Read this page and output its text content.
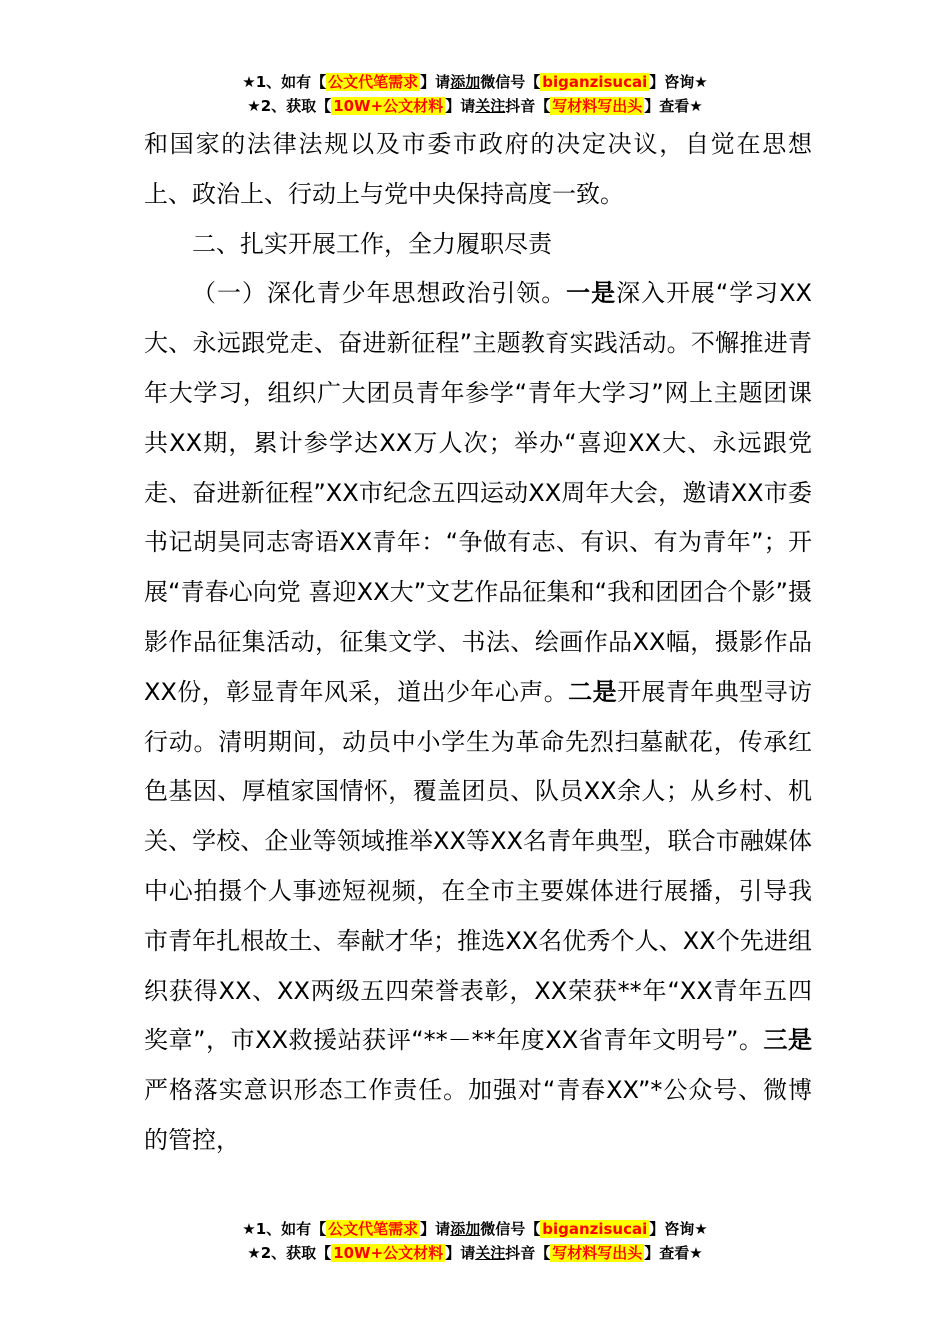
★1、如有【 公文代笔需求 】请添加微信号【 biganzisucai 】咨询★
★2、获取【 10W+公文材料 】请关注抖音【 写材料写出头 】查看★

和国家的法律法规以及市委市政府的决定决议，自觉在思想上、政治上、行动上与党中央保持高度一致。

二、扎实开展工作，全力履职尽责

（一）深化青少年思想政治引领。一是深入开展“学习XX大、永远跟党走、奋进新征程”主题教育实践活动。不懈推进青年大学习，组织广大团员青年参学“青年大学习”网上主题团课共XX期，累计参学达XX万人次；举办“喜迎XX大、永远跟党走、奋进新征程”XX市纪念五四运动XX周年大会，邀请XX市委书记胡昊同志寄语XX青年：“争做有志、有识、有为青年”；开展“青春心向党 喜迎XX大”文艺作品征集和“我和团团合个影”摄影作品征集活动，征集文学、书法、绘画作品XX幅，摄影作品XX份，彰显青年风采，道出少年心声。二是开展青年典型寻访行动。清明期间，动员中小学生为革命先烈扫墓献花，传承红色基因、厚植家国情怀，覆盖团员、队员XX余人；从乡村、机关、学校、企业等领域推举XX等XX名青年典型，联合市融媒体中心拍摄个人事迹短视频，在全市主要媒体进行展播，引导我市青年扎根故土、奉献才华；推选XX名优秀个人、XX个先进组织获得XX、XX两级五四荣誉表彰，XX荣获**年“XX青年五四奖章”，市XX救援站获评“**－**年度XX省青年文明号”。三是严格落实意识形态工作责任。加强对“青春XX”*公众号、微博的管控，

★1、如有【 公文代笔需求 】请添加微信号【 biganzisucai 】咨询★
★2、获取【 10W+公文材料 】请关注抖音【 写材料写出头 】查看★
